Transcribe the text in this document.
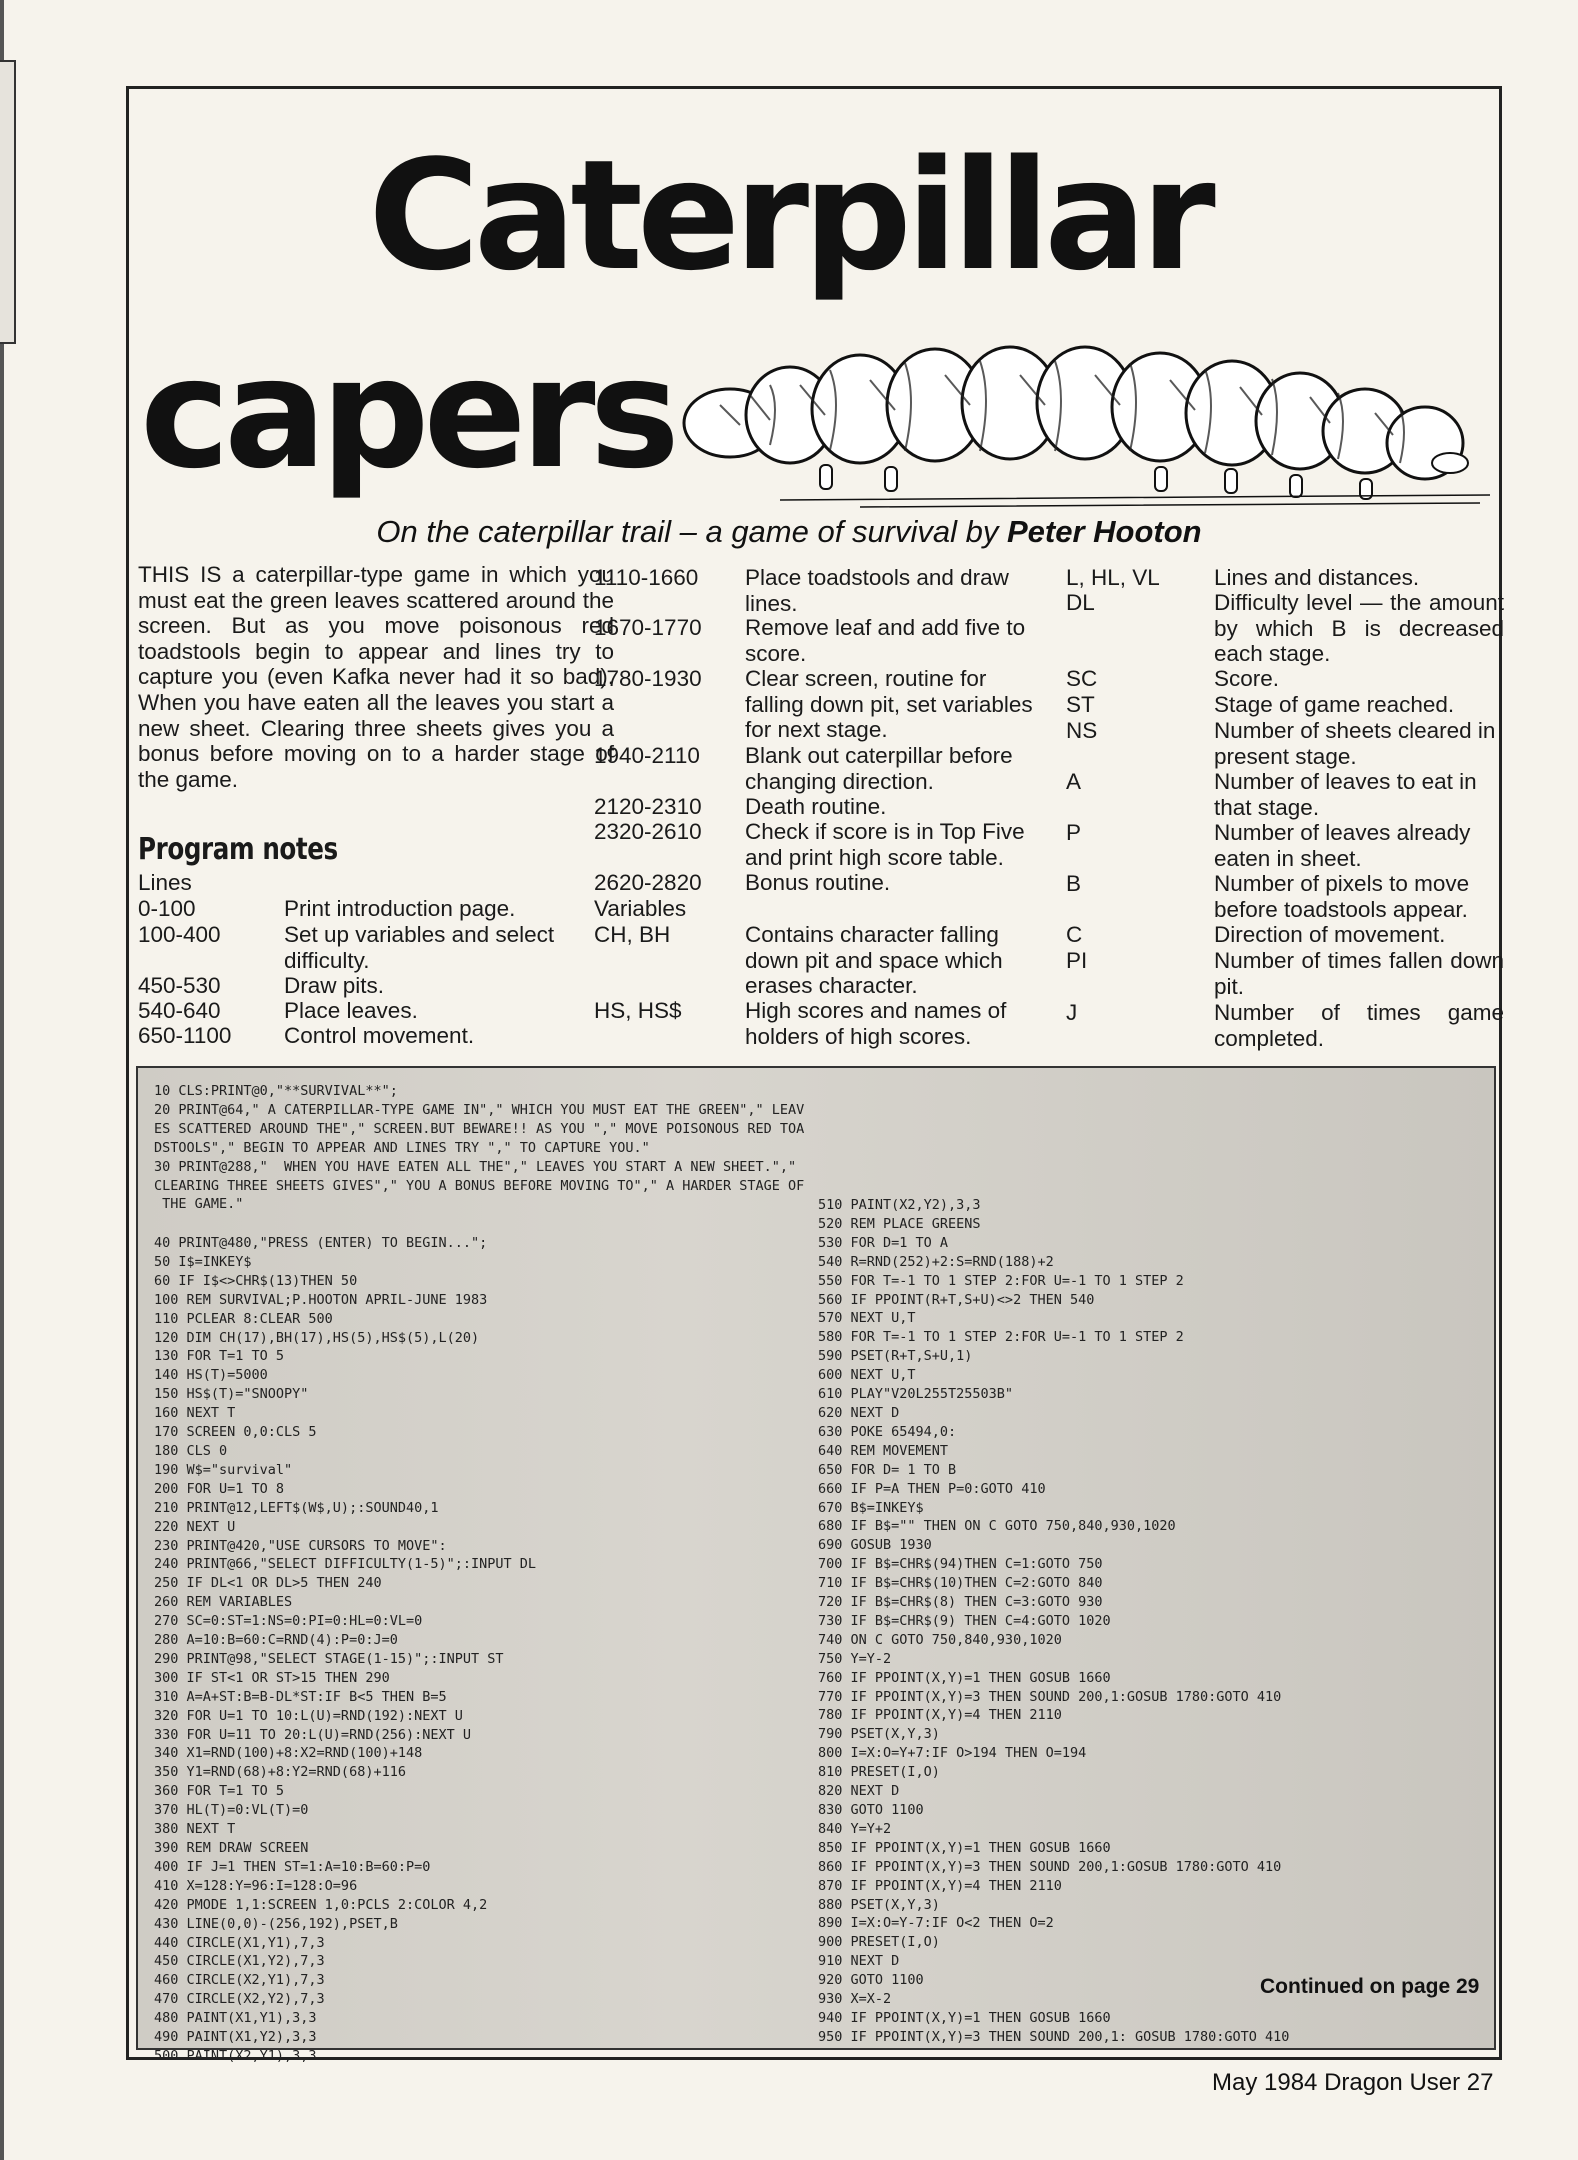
Caterpillar
capers
On the caterpillar trail – a game of survival by Peter Hooton
THIS IS a caterpillar-type game in which you must eat the green leaves scattered around the screen. But as you move poisonous red toadstools begin to appear and lines try to capture you (even Kafka never had it so bad). When you have eaten all the leaves you start a new sheet. Clearing three sheets gives you a bonus before moving on to a harder stage of the game.
Program notes
Lines
0-100	Print introduction page.
100-400	Set up variables and select difficulty.
450-530	Draw pits.
540-640	Place leaves.
650-1100 Control movement.
1110-1660 Place toadstools and draw lines.
1670-1770 Remove leaf and add five to score.
1780-1930 Clear screen, routine for falling down pit, set variables for next stage.
1940-2110 Blank out caterpillar before changing direction.
2120-2310 Death routine.
2320-2610 Check if score is in Top Five and print high score table.
2620-2820 Bonus routine.
Variables
CH, BH	Contains character falling down pit and space which erases character.
HS, HS$	High scores and names of holders of high scores.
L, HL, VL Lines and distances.
DL	Difficulty level — the amount by which B is decreased each stage.
SC	Score.
ST	Stage of game reached.
NS	Number of sheets cleared in present stage.
A	Number of leaves to eat in that stage.
P	Number of leaves already eaten in sheet.
B	Number of pixels to move before toadstools appear.
C	Direction of movement.
PI	Number of times fallen down pit.
J	Number of times game completed.
10 CLS:PRINT@0,"**SURVIVAL**";
20 PRINT@64," A CATERPILLAR-TYPE GAME IN"," WHICH YOU MUST EAT THE GREEN"," LEAV
ES SCATTERED AROUND THE"," SCREEN.BUT BEWARE!! AS YOU "," MOVE POISONOUS RED TOA
DSTOOLS"," BEGIN TO APPEAR AND LINES TRY "," TO CAPTURE YOU."
30 PRINT@288,"  WHEN YOU HAVE EATEN ALL THE"," LEAVES YOU START A NEW SHEET.","
CLEARING THREE SHEETS GIVES"," YOU A BONUS BEFORE MOVING TO"," A HARDER STAGE OF
THE GAME."
40 PRINT@480,"PRESS (ENTER) TO BEGIN...";
50 I$=INKEY$
60 IF I$<>CHR$(13)THEN 50
100 REM SURVIVAL;P.HOOTON APRIL-JUNE 1983
110 PCLEAR 8:CLEAR 500
120 DIM CH(17),BH(17),HS(5),HS$(5),L(20)
130 FOR T=1 TO 5
140 HS(T)=5000
150 HS$(T)="SNOOPY"
160 NEXT T
170 SCREEN 0,0:CLS 5
180 CLS 0
190 W$="survival"
200 FOR U=1 TO 8
210 PRINT@12,LEFT$(W$,U);:SOUND40,1
220 NEXT U
230 PRINT@420,"USE CURSORS TO MOVE":
240 PRINT@66,"SELECT DIFFICULTY(1-5)";:INPUT DL
250 IF DL<1 OR DL>5 THEN 240
260 REM VARIABLES
270 SC=0:ST=1:NS=0:PI=0:HL=0:VL=0
280 A=10:B=60:C=RND(4):P=0:J=0
290 PRINT@98,"SELECT STAGE(1-15)";:INPUT ST
300 IF ST<1 OR ST>15 THEN 290
310 A=A+ST:B=B-DL*ST:IF B<5 THEN B=5
320 FOR U=1 TO 10:L(U)=RND(192):NEXT U
330 FOR U=11 TO 20:L(U)=RND(256):NEXT U
340 X1=RND(100)+8:X2=RND(100)+148
350 Y1=RND(68)+8:Y2=RND(68)+116
360 FOR T=1 TO 5
370 HL(T)=0:VL(T)=0
380 NEXT T
390 REM DRAW SCREEN
400 IF J=1 THEN ST=1:A=10:B=60:P=0
410 X=128:Y=96:I=128:O=96
420 PMODE 1,1:SCREEN 1,0:PCLS 2:COLOR 4,2
430 LINE(0,0)-(256,192),PSET,B
440 CIRCLE(X1,Y1),7,3
450 CIRCLE(X1,Y2),7,3
460 CIRCLE(X2,Y1),7,3
470 CIRCLE(X2,Y2),7,3
480 PAINT(X1,Y1),3,3
490 PAINT(X1,Y2),3,3
500 PAINT(X2,Y1),3,3
510 PAINT(X2,Y2),3,3
520 REM PLACE GREENS
530 FOR D=1 TO A
540 R=RND(252)+2:S=RND(188)+2
550 FOR T=-1 TO 1 STEP 2:FOR U=-1 TO 1 STEP 2
560 IF PPOINT(R+T,S+U)<>2 THEN 540
570 NEXT U,T
580 FOR T=-1 TO 1 STEP 2:FOR U=-1 TO 1 STEP 2
590 PSET(R+T,S+U,1)
600 NEXT U,T
610 PLAY"V20L255T25503B"
620 NEXT D
630 POKE 65494,0:
640 REM MOVEMENT
650 FOR D= 1 TO B
660 IF P=A THEN P=0:GOTO 410
670 B$=INKEY$
680 IF B$="" THEN ON C GOTO 750,840,930,1020
690 GOSUB 1930
700 IF B$=CHR$(94)THEN C=1:GOTO 750
710 IF B$=CHR$(10)THEN C=2:GOTO 840
720 IF B$=CHR$(8) THEN C=3:GOTO 930
730 IF B$=CHR$(9) THEN C=4:GOTO 1020
740 ON C GOTO 750,840,930,1020
750 Y=Y-2
760 IF PPOINT(X,Y)=1 THEN GOSUB 1660
770 IF PPOINT(X,Y)=3 THEN SOUND 200,1:GOSUB 1780:GOTO 410
780 IF PPOINT(X,Y)=4 THEN 2110
790 PSET(X,Y,3)
800 I=X:O=Y+7:IF O>194 THEN O=194
810 PRESET(I,O)
820 NEXT D
830 GOTO 1100
840 Y=Y+2
850 IF PPOINT(X,Y)=1 THEN GOSUB 1660
860 IF PPOINT(X,Y)=3 THEN SOUND 200,1:GOSUB 1780:GOTO 410
870 IF PPOINT(X,Y)=4 THEN 2110
880 PSET(X,Y,3)
890 I=X:O=Y-7:IF O<2 THEN O=2
900 PRESET(I,O)
910 NEXT D
920 GOTO 1100
930 X=X-2
940 IF PPOINT(X,Y)=1 THEN GOSUB 1660
950 IF PPOINT(X,Y)=3 THEN SOUND 200,1: GOSUB 1780:GOTO 410
Continued on page 29
May 1984 Dragon User 27
